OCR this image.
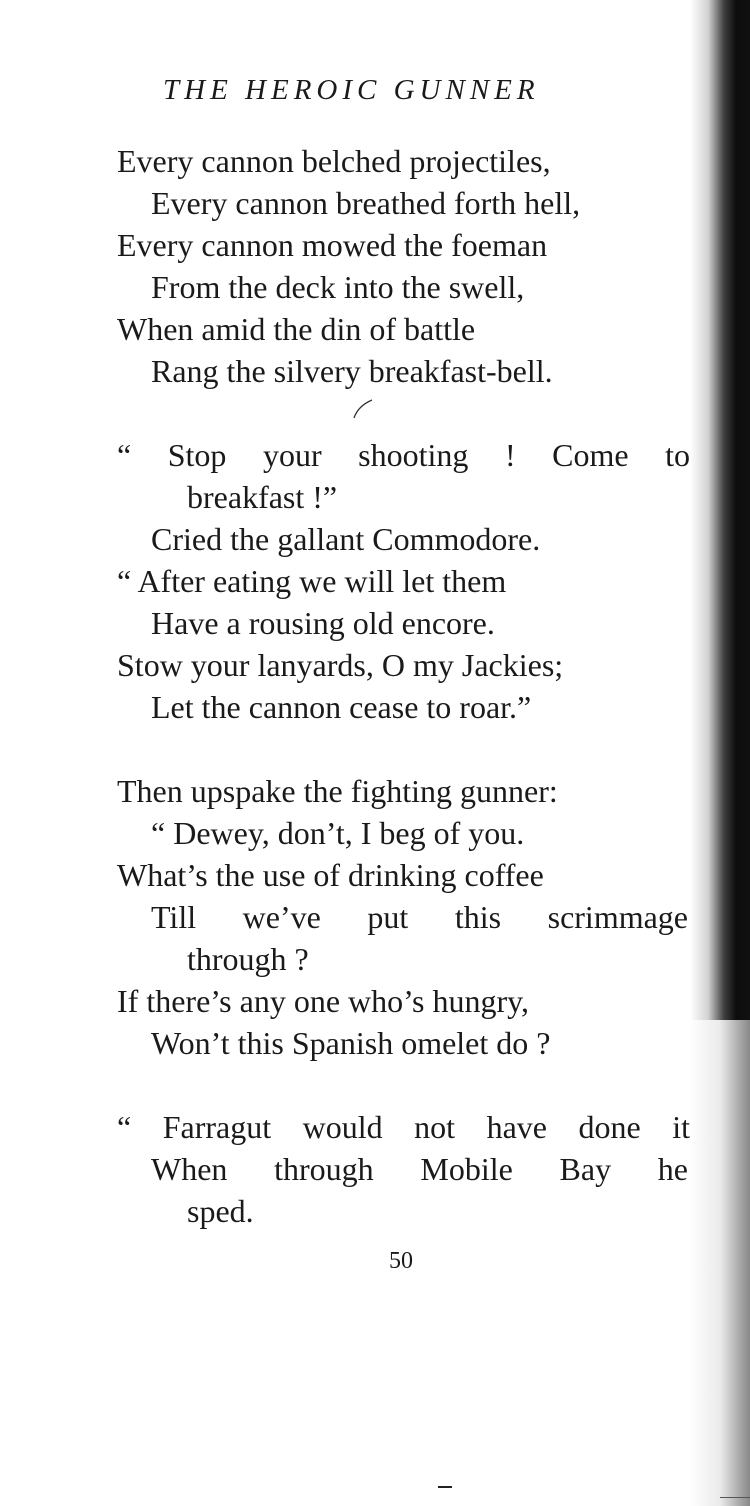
THE HEROIC GUNNER
Every cannon belched projectiles,
Every cannon breathed forth hell,
Every cannon mowed the foeman
From the deck into the swell,
When amid the din of battle
Rang the silvery breakfast-bell.
“ Stop your shooting ! Come to
breakfast !”
Cried the gallant Commodore.
“ After eating we will let them
Have a rousing old encore.
Stow your lanyards, O my Jackies;
Let the cannon cease to roar.”
Then upspake the fighting gunner:
“ Dewey, don’t, I beg of you.
What’s the use of drinking coffee
Till we’ve put this scrimmage
through ?
If there’s any one who’s hungry,
Won’t this Spanish omelet do ?
“ Farragut would not have done it
When through Mobile Bay he
sped.
50
